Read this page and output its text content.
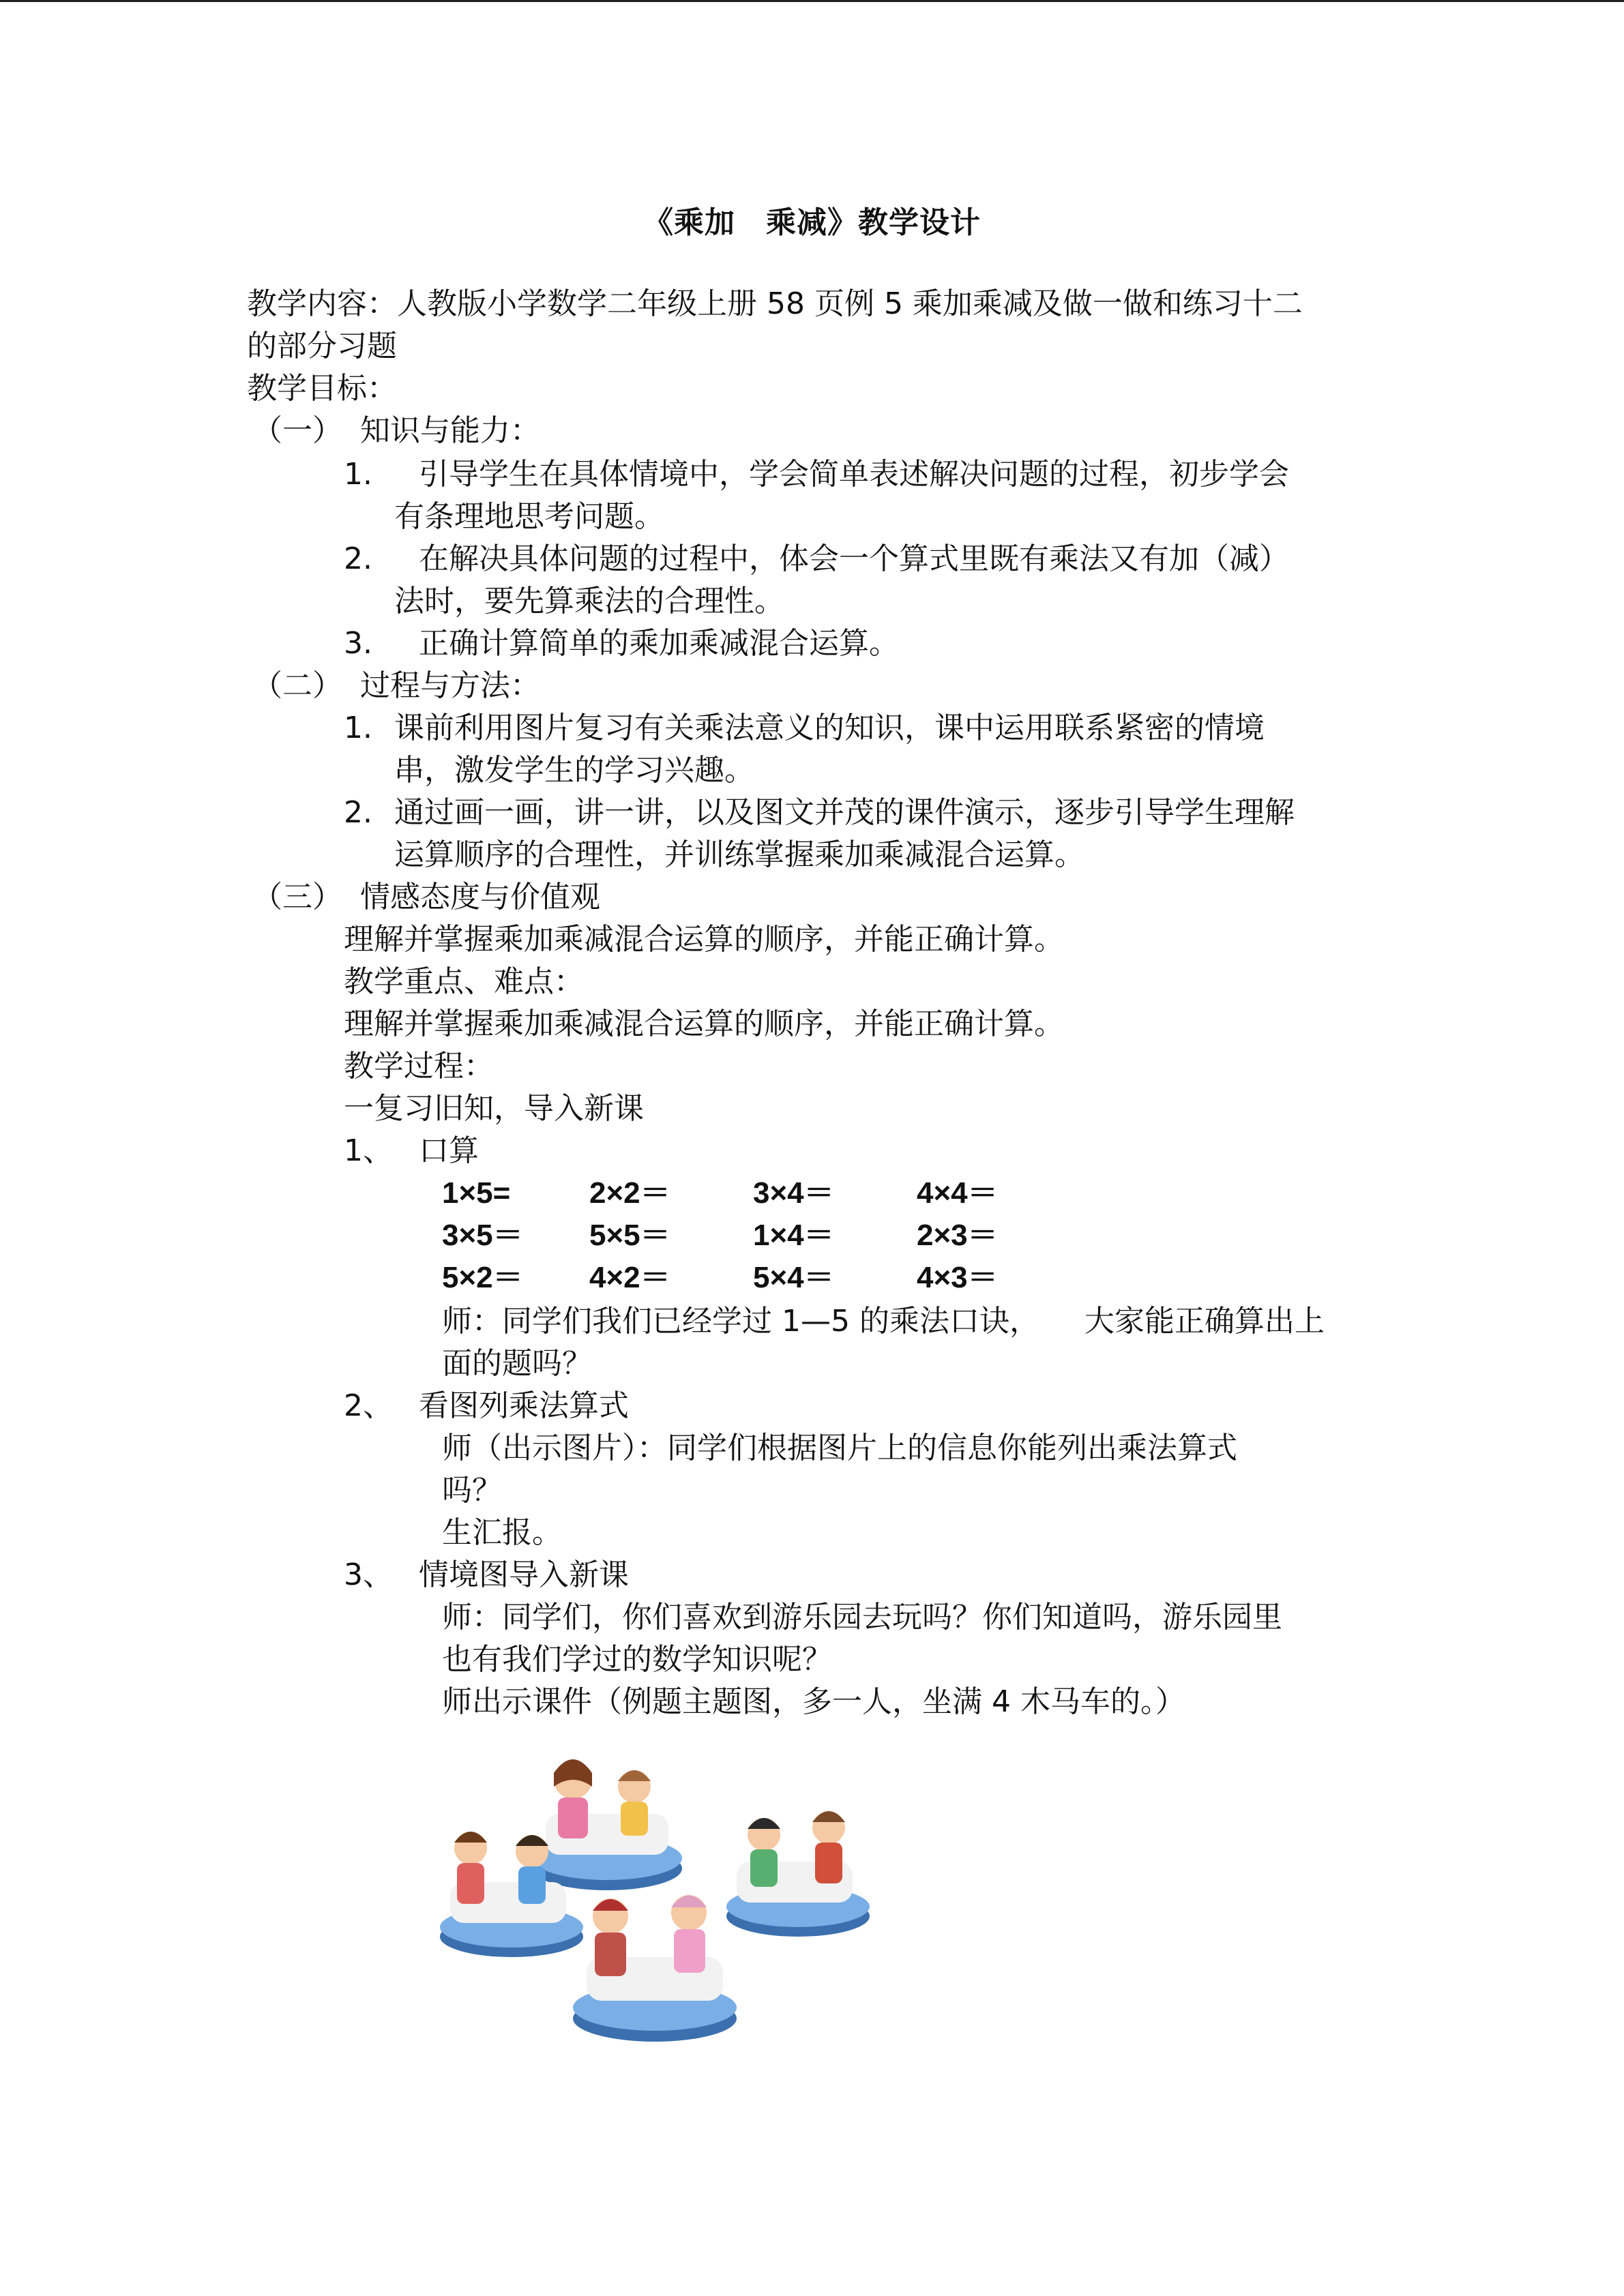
《乘加　乘减》教学设计
教学内容：人教版小学数学二年级上册 58 页例 5 乘加乘减及做一做和练习十二
的部分习题
教学目标：
（一） 知识与能力：
1. 引导学生在具体情境中，学会简单表述解决问题的过程，初步学会
有条理地思考问题。
2. 在解决具体问题的过程中，体会一个算式里既有乘法又有加（减）
法时，要先算乘法的合理性。
3. 正确计算简单的乘加乘减混合运算。
（二） 过程与方法：
1. 课前利用图片复习有关乘法意义的知识，课中运用联系紧密的情境
串，激发学生的学习兴趣。
2. 通过画一画，讲一讲，以及图文并茂的课件演示，逐步引导学生理解
运算顺序的合理性，并训练掌握乘加乘减混合运算。
（三） 情感态度与价值观
理解并掌握乘加乘减混合运算的顺序，并能正确计算。
教学重点、难点：
理解并掌握乘加乘减混合运算的顺序，并能正确计算。
教学过程：
一复习旧知，导入新课
1、 口算
1×5=	2×2＝	3×4＝	4×4＝
3×5＝ 5×5＝	1×4＝	2×3＝
5×2＝ 4×2＝	5×4＝	4×3＝
师：同学们我们已经学过 1—5 的乘法口诀，　　大家能正确算出上
面的题吗？
2、 看图列乘法算式
师（出示图片）：同学们根据图片上的信息你能列出乘法算式
吗？
生汇报。
3、 情境图导入新课
师：同学们，你们喜欢到游乐园去玩吗？你们知道吗，游乐园里
也有我们学过的数学知识呢？
师出示课件（例题主题图，多一人，坐满 4 木马车的。）
